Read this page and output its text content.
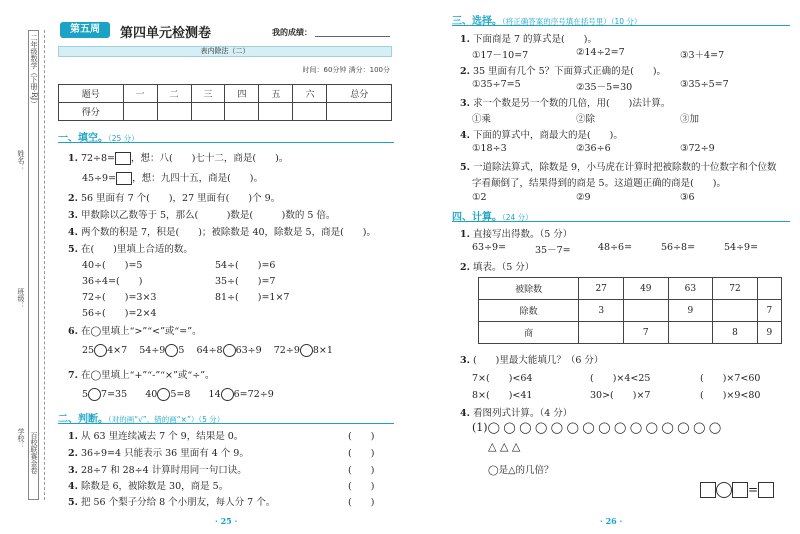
二年级数学（下册·RJ）
姓名：
班级：
学校： 百校联赛金卷
第五周	第四单元检测卷	我的成绩：
表内除法（二）
时间：60分钟 满分：100分
题号	一	二	三	四	五	六	总分
得分							
一、填空。（25 分）
1. 72÷8= ，想：八(　　)七十二，商是(　　)。
45÷9= ，想：九四十五，商是(　　)。
2. 56 里面有 7 个(　　)，27 里面有(　　)个 9。
3. 甲数除以乙数等于 5，那么(　　　)数是(　　　)数的 5 倍。
4. 两个数的积是 7，积是(　　)；被除数是 40，除数是 5，商是(　　)。
5. 在(　　)里填上合适的数。
40÷(　　)=5	54÷(　　)=6
36÷4=(　　)	35÷(　　)=7
72÷(　　)=3×3	81÷(　　)=1×7
56÷(　　)=2×4
6. 在◯里填上“>”“<”或“=”。
25 4×7 54÷9 5 64÷8 63÷9 72÷9 8×1
7. 在◯里填上“+”“-”“×”或“÷”。
5 7=35 40 5=8 14 6=72÷9
二、判断。（对的画“√”，错的画“×”）（5 分）
1. 从 63 里连续减去 7 个 9，结果是 0。
2. 36÷9=4 只能表示 36 里面有 4 个 9。
3. 28÷7 和 28÷4 计算时用同一句口诀。
4. 除数是 6，被除数是 30，商是 5。
5. 把 56 个梨子分给 8 个小朋友，每人分 7 个。
(　　)
(　　)
(　　)
(　　)
(　　)
· 25 ·
三、选择。（将正确答案的序号填在括号里）（10 分）
1. 下面商是 7 的算式是(　　)。
①17－10=7	②14÷2=7	③3＋4=7
2. 35 里面有几个 5？下面算式正确的是(　　)。
①35÷7=5	②35－5=30	③35÷5=7
3. 求一个数是另一个数的几倍，用(　　)法计算。
①乘	②除	③加
4. 下面的算式中，商最大的是(　　)。
①18÷3	②36÷6	③72÷9
5. 一道除法算式，除数是 9，小马虎在计算时把被除数的十位数字和个位数
字看颠倒了，结果得到的商是 5。这道题正确的商是(　　)。
①2	②9	③6
四、计算。（24 分）
1. 直接写出得数。（5 分）
63÷9=	35－7=	48÷6=	56÷8=	54÷9=
2. 填表。（5 分）
被除数	27	49	63	72	
除数	3		9		7
商		7		8	9
3. (　　)里最大能填几？（6 分）
7×(　　)<64	(　　)×4<25	(　　)×7<60
8×(　　)<41	30>(　　)×7	(　　)×9<80
4. 看图列式计算。（4 分）
(1)◯ ◯ ◯ ◯ ◯ ◯ ◯ ◯ ◯ ◯ ◯ ◯ ◯ ◯ ◯
△ △ △
◯是△的几倍？
=
· 26 ·
